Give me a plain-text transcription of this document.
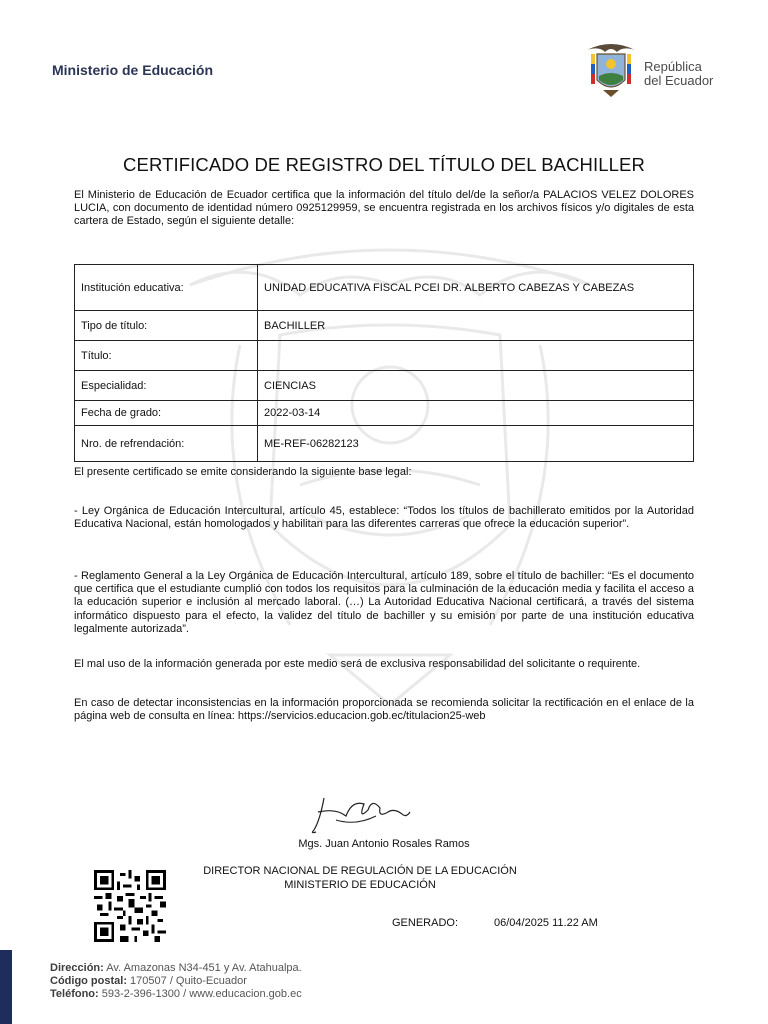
Ministerio de Educación	República
del Ecuador
CERTIFICADO DE REGISTRO DEL TÍTULO DEL BACHILLER
El Ministerio de Educación de Ecuador certifica que la información del título del/de la señor/a PALACIOS VELEZ DOLORES LUCIA, con documento de identidad número 0925129959, se encuentra registrada en los archivos físicos y/o digitales de esta cartera de Estado, según el siguiente detalle:
Institución educativa:	UNIDAD EDUCATIVA FISCAL PCEI DR. ALBERTO CABEZAS Y CABEZAS
Tipo de título:	BACHILLER
Título:	
Especialidad:	CIENCIAS
Fecha de grado:	2022-03-14
Nro. de refrendación:	ME-REF-06282123
El presente certificado se emite considerando la siguiente base legal:
- Ley Orgánica de Educación Intercultural, artículo 45, establece: “Todos los títulos de bachillerato emitidos por la Autoridad Educativa Nacional, están homologados y habilitan para las diferentes carreras que ofrece la educación superior”.
- Reglamento General a la Ley Orgánica de Educación Intercultural, artículo 189, sobre el título de bachiller: “Es el documento que certifica que el estudiante cumplió con todos los requisitos para la culminación de la educación media y facilita el acceso a la educación superior e inclusión al mercado laboral. (…) La Autoridad Educativa Nacional certificará, a través del sistema informático dispuesto para el efecto, la validez del título de bachiller y su emisión por parte de una institución educativa legalmente autorizada”.
El mal uso de la información generada por este medio será de exclusiva responsabilidad del solicitante o requirente.
En caso de detectar inconsistencias en la información proporcionada se recomienda solicitar la rectificación en el enlace de la página web de consulta en línea: https://servicios.educacion.gob.ec/titulacion25-web
Mgs. Juan Antonio Rosales Ramos
DIRECTOR NACIONAL DE REGULACIÓN DE LA EDUCACIÓN
MINISTERIO DE EDUCACIÓN
GENERADO:	06/04/2025 11.22 AM
Dirección: Av. Amazonas N34-451 y Av. Atahualpa.
Código postal: 170507 / Quito-Ecuador
Teléfono: 593-2-396-1300 / www.educacion.gob.ec
